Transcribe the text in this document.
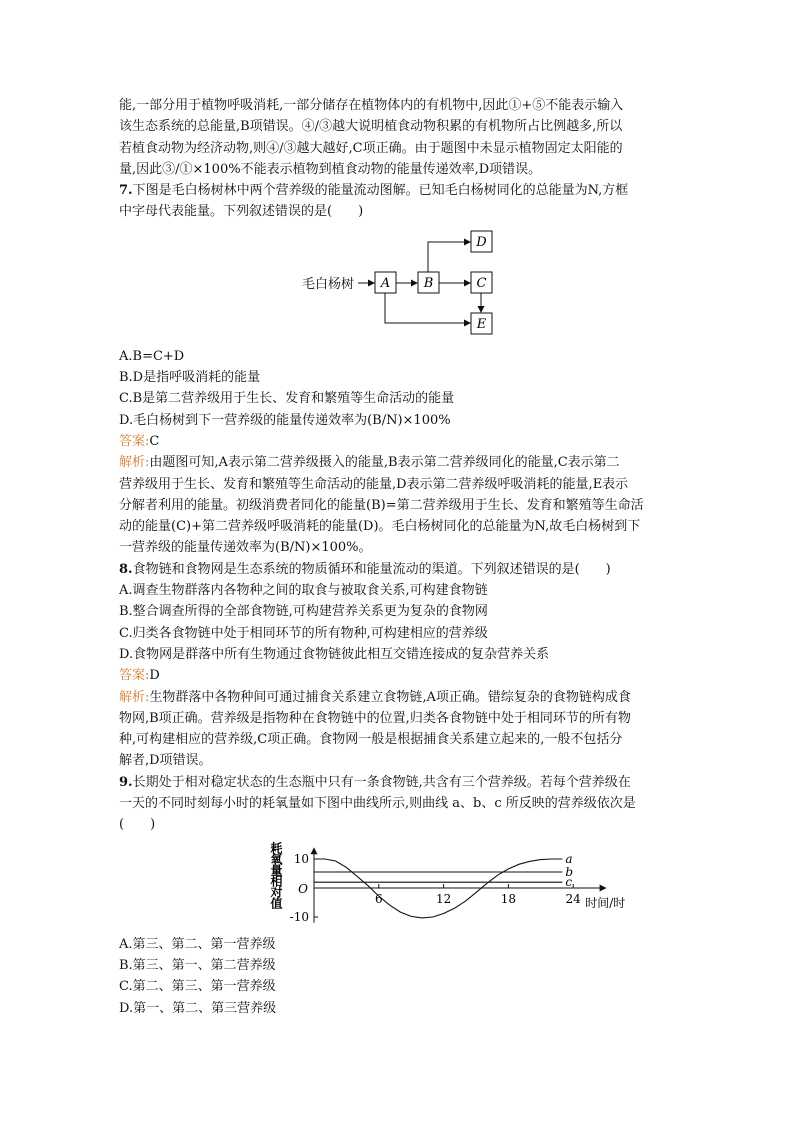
能,一部分用于植物呼吸消耗,一部分储存在植物体内的有机物中,因此①+⑤不能表示输入

该生态系统的总能量,B项错误。④/③越大说明植食动物积累的有机物所占比例越多,所以

若植食动物为经济动物,则④/③越大越好,C项正确。由于题图中未显示植物固定太阳能的

量,因此③/①×100%不能表示植物到植食动物的能量传递效率,D项错误。

7.下图是毛白杨树林中两个营养级的能量流动图解。已知毛白杨树同化的总能量为N,方框

中字母代表能量。下列叙述错误的是(　　)

毛白杨树 A	B	C
D
E

A.B=C+D

B.D是指呼吸消耗的能量

C.B是第二营养级用于生长、发育和繁殖等生命活动的能量

D.毛白杨树到下一营养级的能量传递效率为(B/N)×100%

答案:C

解析:由题图可知,A表示第二营养级摄入的能量,B表示第二营养级同化的能量,C表示第二

营养级用于生长、发育和繁殖等生命活动的能量,D表示第二营养级呼吸消耗的能量,E表示

分解者利用的能量。初级消费者同化的能量(B)=第二营养级用于生长、发育和繁殖等生命活

动的能量(C)+第二营养级呼吸消耗的能量(D)。毛白杨树同化的总能量为N,故毛白杨树到下

一营养级的能量传递效率为(B/N)×100%。

8.食物链和食物网是生态系统的物质循环和能量流动的渠道。下列叙述错误的是(　　)

A.调查生物群落内各物种之间的取食与被取食关系,可构建食物链

B.整合调查所得的全部食物链,可构建营养关系更为复杂的食物网

C.归类各食物链中处于相同环节的所有物种,可构建相应的营养级

D.食物网是群落中所有生物通过食物链彼此相互交错连接成的复杂营养关系

答案:D

解析:生物群落中各物种间可通过捕食关系建立食物链,A项正确。错综复杂的食物链构成食

物网,B项正确。营养级是指物种在食物链中的位置,归类各食物链中处于相同环节的所有物

种,可构建相应的营养级,C项正确。食物网一般是根据捕食关系建立起来的,一般不包括分

解者,D项错误。

9.长期处于相对稳定状态的生态瓶中只有一条食物链,共含有三个营养级。若每个营养级在

一天的不同时刻每小时的耗氧量如下图中曲线所示,则曲线 a、b、c 所反映的营养级依次是

(　　)

耗氧量相对值 10
-10
O
6	12	18	24 时间/时
a
b
c

A.第三、第二、第一营养级

B.第三、第一、第二营养级

C.第二、第三、第一营养级

D.第一、第二、第三营养级
